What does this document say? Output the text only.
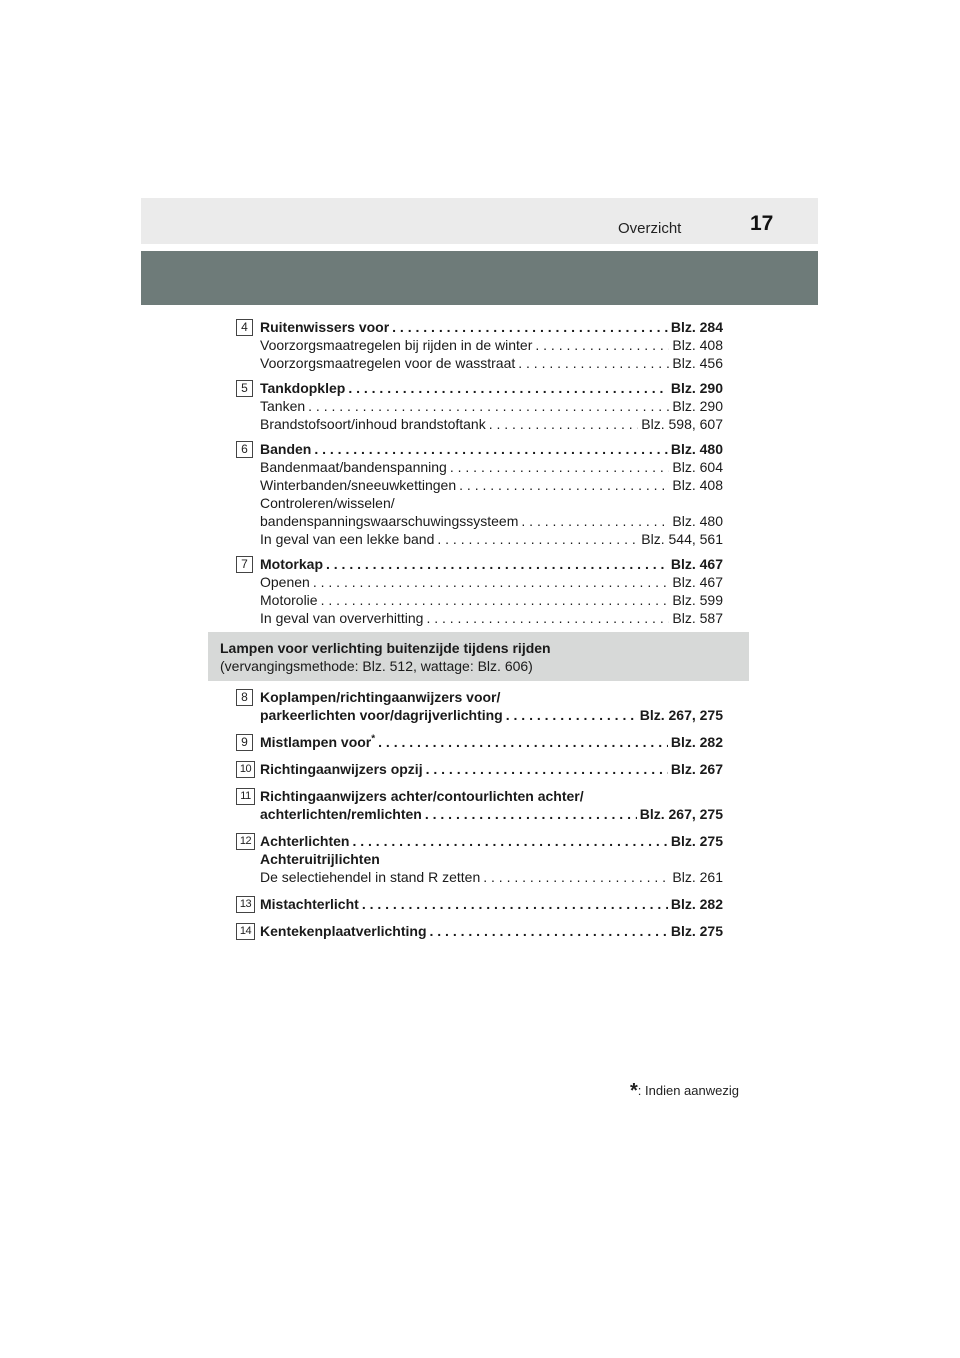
Overzicht	17
4 Ruitenwissers voor . . .	Blz. 284
Voorzorgsmaatregelen bij rijden in de winter . . .	Blz. 408
Voorzorgsmaatregelen voor de wasstraat . . .	Blz. 456
5 Tankdopklep . . .	Blz. 290
Tanken . . .	Blz. 290
Brandstofsoort/inhoud brandstoftank . . .	Blz. 598, 607
6 Banden . . .	Blz. 480
Bandenmaat/bandenspanning . . .	Blz. 604
Winterbanden/sneeuwkettingen . . .	Blz. 408
Controleren/wisselen/
bandenspanningswaarschuwingssysteem . . .	Blz. 480
In geval van een lekke band . . .	Blz. 544, 561
7 Motorkap . . .	Blz. 467
Openen . . .	Blz. 467
Motorolie . . .	Blz. 599
In geval van oververhitting . . .	Blz. 587
Lampen voor verlichting buitenzijde tijdens rijden
(vervangingsmethode: Blz. 512, wattage: Blz. 606)
8 Koplampen/richtingaanwijzers voor/
parkeerlichten voor/dagrijverlichting . . .	Blz. 267, 275
9 Mistlampen voor* . . .	Blz. 282
10 Richtingaanwijzers opzij . . .	Blz. 267
11 Richtingaanwijzers achter/contourlichten achter/
achterlichten/remlichten . . .	Blz. 267, 275
12 Achterlichten . . .	Blz. 275
Achteruitrijlichten
De selectiehendel in stand R zetten . . .	Blz. 261
13 Mistachterlicht . . .	Blz. 282
14 Kentekenplaatverlichting . . .	Blz. 275
*: Indien aanwezig
